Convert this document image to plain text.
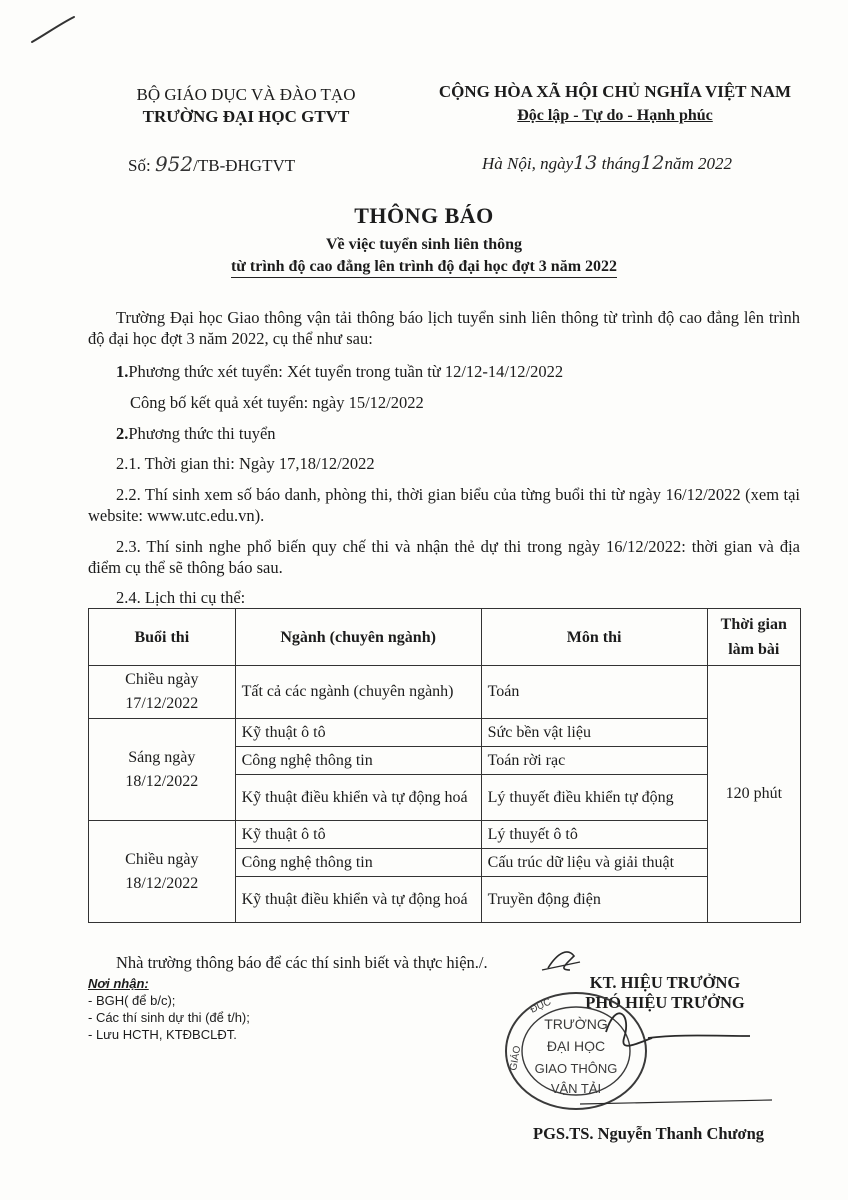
BỘ GIÁO DỤC VÀ ĐÀO TẠO
TRƯỜNG ĐẠI HỌC GTVT
CỘNG HÒA XÃ HỘI CHỦ NGHĨA VIỆT NAM
Độc lập - Tự do - Hạnh phúc
Số: 952/TB-ĐHGTVT	Hà Nội, ngày13 tháng12năm 2022
THÔNG BÁO
Về việc tuyển sinh liên thông
từ trình độ cao đẳng lên trình độ đại học đợt 3 năm 2022
Trường Đại học Giao thông vận tải thông báo lịch tuyển sinh liên thông từ trình độ cao đẳng lên trình độ đại học đợt 3 năm 2022, cụ thể như sau:
1.Phương thức xét tuyển: Xét tuyển trong tuần từ 12/12-14/12/2022
Công bố kết quả xét tuyển: ngày 15/12/2022
2.Phương thức thi tuyển
2.1. Thời gian thi: Ngày 17,18/12/2022
2.2. Thí sinh xem số báo danh, phòng thi, thời gian biểu của từng buổi thi từ ngày 16/12/2022 (xem tại website: www.utc.edu.vn).
2.3. Thí sinh nghe phổ biến quy chế thi và nhận thẻ dự thi trong ngày 16/12/2022: thời gian và địa điểm cụ thể sẽ thông báo sau.
2.4. Lịch thi cụ thể:
Buổi thi	Ngành (chuyên ngành)	Môn thi	Thời gian làm bài
Chiều ngày 17/12/2022	Tất cả các ngành (chuyên ngành)	Toán	120 phút
Sáng ngày 18/12/2022	Kỹ thuật ô tô	Sức bền vật liệu	
	Công nghệ thông tin	Toán rời rạc	
	Kỹ thuật điều khiển và tự động hoá	Lý thuyết điều khiển tự động	
Chiều ngày 18/12/2022	Kỹ thuật ô tô	Lý thuyết ô tô	
	Công nghệ thông tin	Cấu trúc dữ liệu và giải thuật	
	Kỹ thuật điều khiển và tự động hoá	Truyền động điện	
Nhà trường thông báo để các thí sinh biết và thực hiện./.
Nơi nhận:
- BGH( để b/c);
- Các thí sinh dự thi (để t/h);
- Lưu HCTH, KTĐBCLĐT.
KT. HIỆU TRƯỞNG
PHÓ HIỆU TRƯỞNG
ĐỤC
GIÁO
TRƯỜNG
ĐẠI HỌC
GIAO THÔNG
VẬN TẢI
PGS.TS. Nguyễn Thanh Chương
